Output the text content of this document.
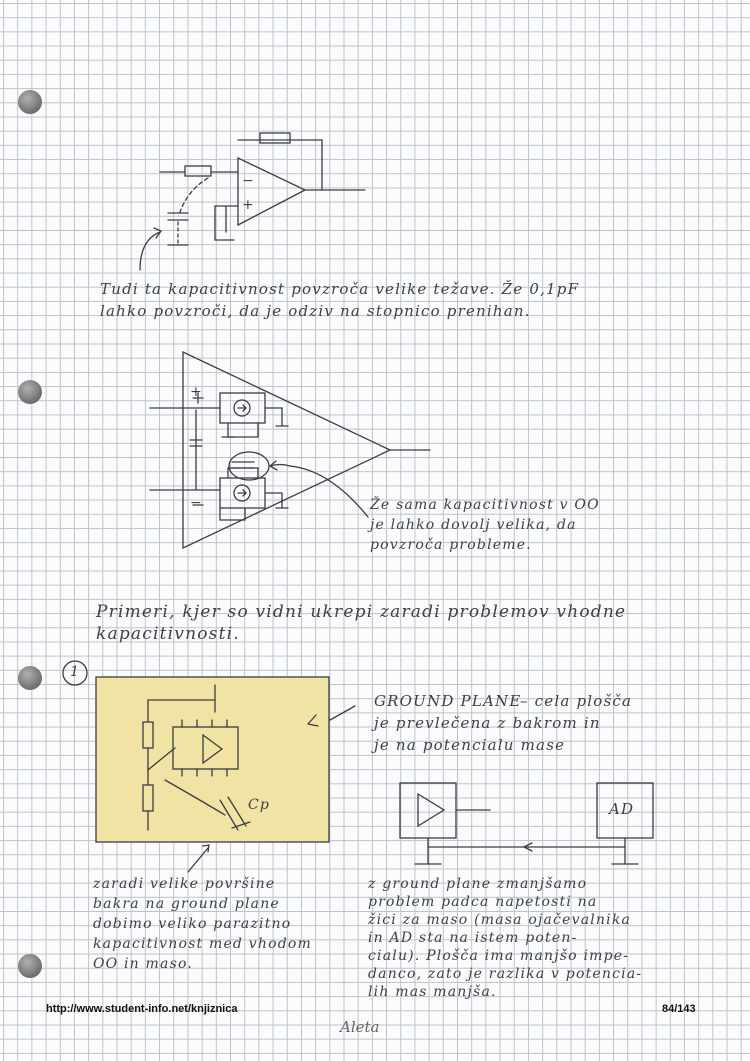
Tudi ta kapacitivnost povzroča velike težave. Že 0,1pF
lahko povzroči, da je odziv na stopnico prenihan.
Že sama kapacitivnost v OO
je lahko dovolj velika, da
povzroča probleme.
Primeri, kjer so vidni ukrepi zaradi problemov vhodne
kapacitivnosti.
1
Cp	AD
−
+
+
−
GROUND PLANE
– cela plošča
je prevlečena z bakrom in
je na potencialu mase
zaradi velike površine
bakra na ground plane
dobimo veliko parazitno
kapacitivnost med vhodom
OO in maso.
z ground plane zmanjšamo
problem padca napetosti na
žici za maso (masa ojačevalnika
in AD sta na istem poten-
cialu). Plošča ima manjšo impe-
danco, zato je razlika v potencia-
lih mas manjša.
http://www.student-info.net/knjiznica	84/143
Aleta
